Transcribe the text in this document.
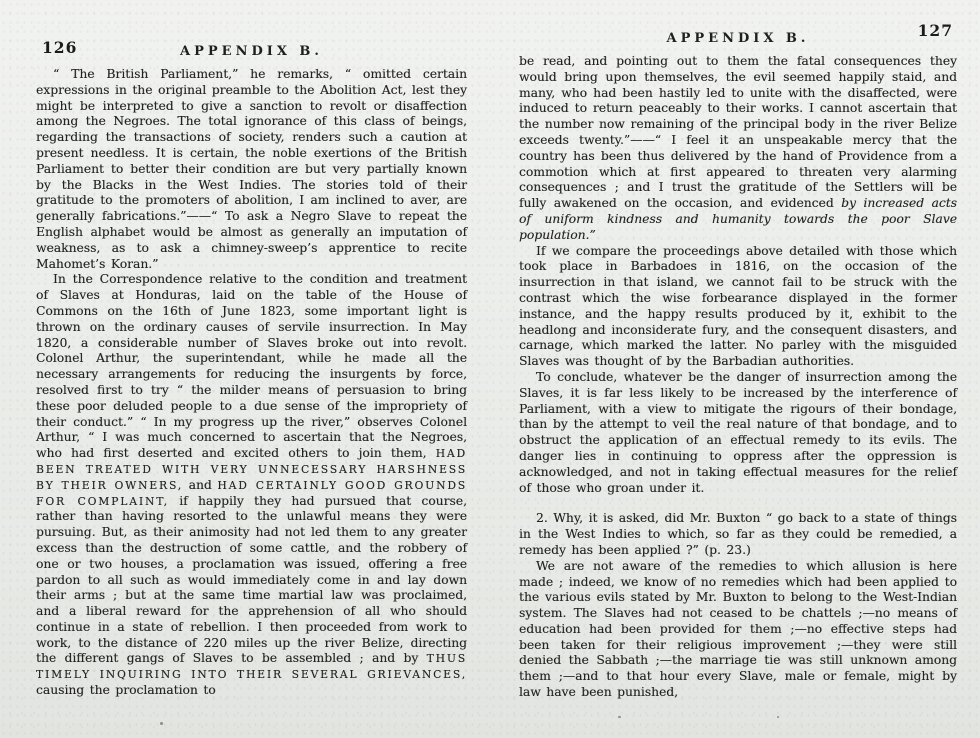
126	APPENDIX B.

“ The British Parliament,” he remarks, “ omitted certain expressions in the original preamble to the Abolition Act, lest they might be interpreted to give a sanction to revolt or disaffection among the Negroes. The total ignorance of this class of beings, regarding the transactions of society, renders such a caution at present needless. It is certain, the noble exertions of the British Parliament to better their condition are but very partially known by the Blacks in the West Indies. The stories told of their gratitude to the promoters of abolition, I am inclined to aver, are generally fabrications.”——“ To ask a Negro Slave to repeat the English alphabet would be almost as generally an imputation of weakness, as to ask a chimney-sweep’s apprentice to recite Mahomet’s Koran.”

In the Correspondence relative to the condition and treatment of Slaves at Honduras, laid on the table of the House of Commons on the 16th of June 1823, some important light is thrown on the ordinary causes of servile insurrection. In May 1820, a considerable number of Slaves broke out into revolt. Colonel Arthur, the superintendant, while he made all the necessary arrangements for reducing the insurgents by force, resolved first to try “ the milder means of persuasion to bring these poor deluded people to a due sense of the impropriety of their conduct.” “ In my progress up the river,” observes Colonel Arthur, “ I was much concerned to ascertain that the Negroes, who had first deserted and excited others to join them, HAD BEEN TREATED WITH VERY UNNECESSARY HARSHNESS BY THEIR OWNERS, and HAD CERTAINLY GOOD GROUNDS FOR COMPLAINT, if happily they had pursued that course, rather than having resorted to the unlawful means they were pursuing. But, as their animosity had not led them to any greater excess than the destruction of some cattle, and the robbery of one or two houses, a proclamation was issued, offering a free pardon to all such as would immediately come in and lay down their arms ; but at the same time martial law was proclaimed, and a liberal reward for the apprehension of all who should continue in a state of rebellion. I then proceeded from work to work, to the distance of 220 miles up the river Belize, directing the different gangs of Slaves to be assembled ; and by THUS TIMELY INQUIRING INTO THEIR SEVERAL GRIEVANCES, causing the proclamation to

APPENDIX B.	127

be read, and pointing out to them the fatal consequences they would bring upon themselves, the evil seemed happily staid, and many, who had been hastily led to unite with the disaffected, were induced to return peaceably to their works. I cannot ascertain that the number now remaining of the principal body in the river Belize exceeds twenty.”——“ I feel it an unspeakable mercy that the country has been thus delivered by the hand of Providence from a commotion which at first appeared to threaten very alarming consequences ; and I trust the gratitude of the Settlers will be fully awakened on the occasion, and evidenced by increased acts of uniform kindness and humanity towards the poor Slave population.”

If we compare the proceedings above detailed with those which took place in Barbadoes in 1816, on the occasion of the insurrection in that island, we cannot fail to be struck with the contrast which the wise forbearance displayed in the former instance, and the happy results produced by it, exhibit to the headlong and inconsiderate fury, and the consequent disasters, and carnage, which marked the latter. No parley with the misguided Slaves was thought of by the Barbadian authorities.

To conclude, whatever be the danger of insurrection among the Slaves, it is far less likely to be increased by the interference of Parliament, with a view to mitigate the rigours of their bondage, than by the attempt to veil the real nature of that bondage, and to obstruct the application of an effectual remedy to its evils. The danger lies in continuing to oppress after the oppression is acknowledged, and not in taking effectual measures for the relief of those who groan under it.

2. Why, it is asked, did Mr. Buxton “ go back to a state of things in the West Indies to which, so far as they could be remedied, a remedy has been applied ?” (p. 23.)

We are not aware of the remedies to which allusion is here made ; indeed, we know of no remedies which had been applied to the various evils stated by Mr. Buxton to belong to the West-Indian system. The Slaves had not ceased to be chattels ;—no means of education had been provided for them ;—no effective steps had been taken for their religious improvement ;—they were still denied the Sabbath ;—the marriage tie was still unknown among them ;—and to that hour every Slave, male or female, might by law have been punished,
